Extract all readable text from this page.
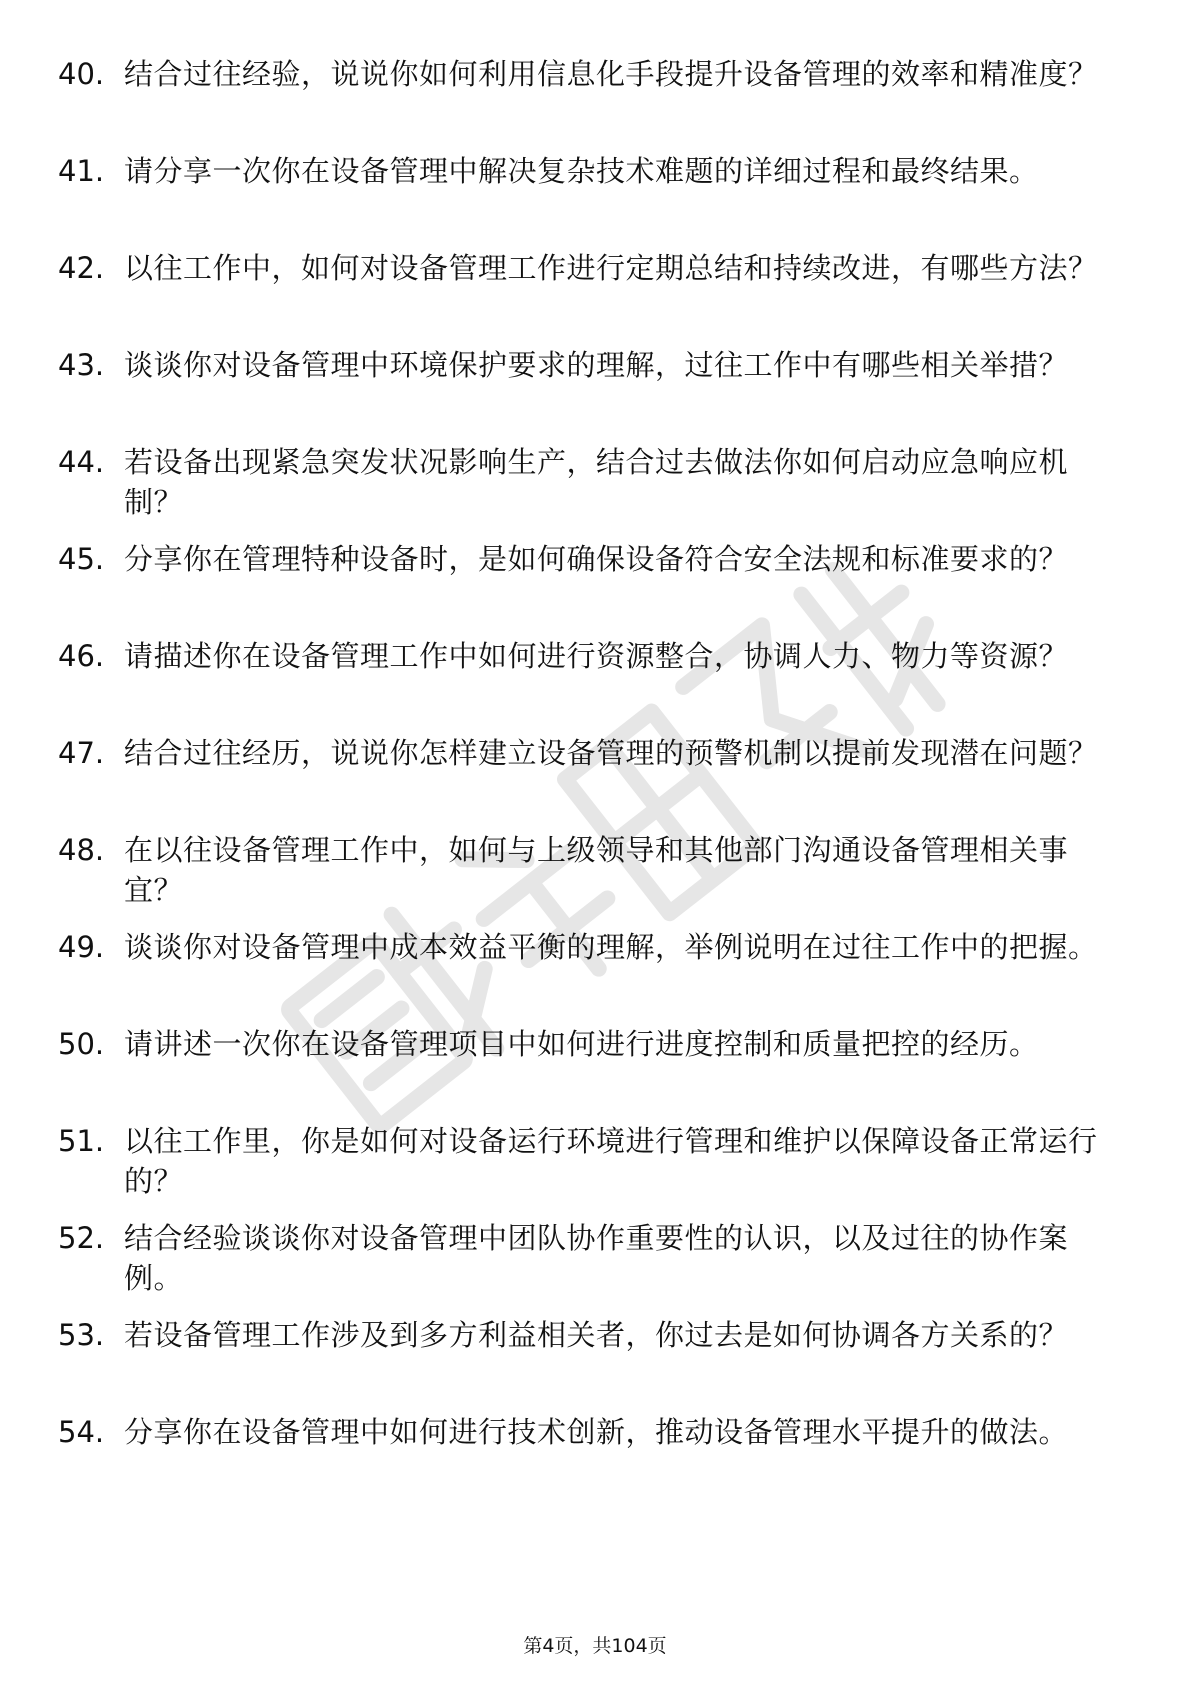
40. 结合过往经验，说说你如何利用信息化手段提升设备管理的效率和精准度？
41. 请分享一次你在设备管理中解决复杂技术难题的详细过程和最终结果。
42. 以往工作中，如何对设备管理工作进行定期总结和持续改进，有哪些方法？
43. 谈谈你对设备管理中环境保护要求的理解，过往工作中有哪些相关举措？
44. 若设备出现紧急突发状况影响生产，结合过去做法你如何启动应急响应机制？
45. 分享你在管理特种设备时，是如何确保设备符合安全法规和标准要求的？
46. 请描述你在设备管理工作中如何进行资源整合，协调人力、物力等资源？
47. 结合过往经历，说说你怎样建立设备管理的预警机制以提前发现潜在问题？
48. 在以往设备管理工作中，如何与上级领导和其他部门沟通设备管理相关事宜？
49. 谈谈你对设备管理中成本效益平衡的理解，举例说明在过往工作中的把握。
50. 请讲述一次你在设备管理项目中如何进行进度控制和质量把控的经历。
51. 以往工作里，你是如何对设备运行环境进行管理和维护以保障设备正常运行的？
52. 结合经验谈谈你对设备管理中团队协作重要性的认识，以及过往的协作案例。
53. 若设备管理工作涉及到多方利益相关者，你过去是如何协调各方关系的？
54. 分享你在设备管理中如何进行技术创新，推动设备管理水平提升的做法。
第4页，共104页
